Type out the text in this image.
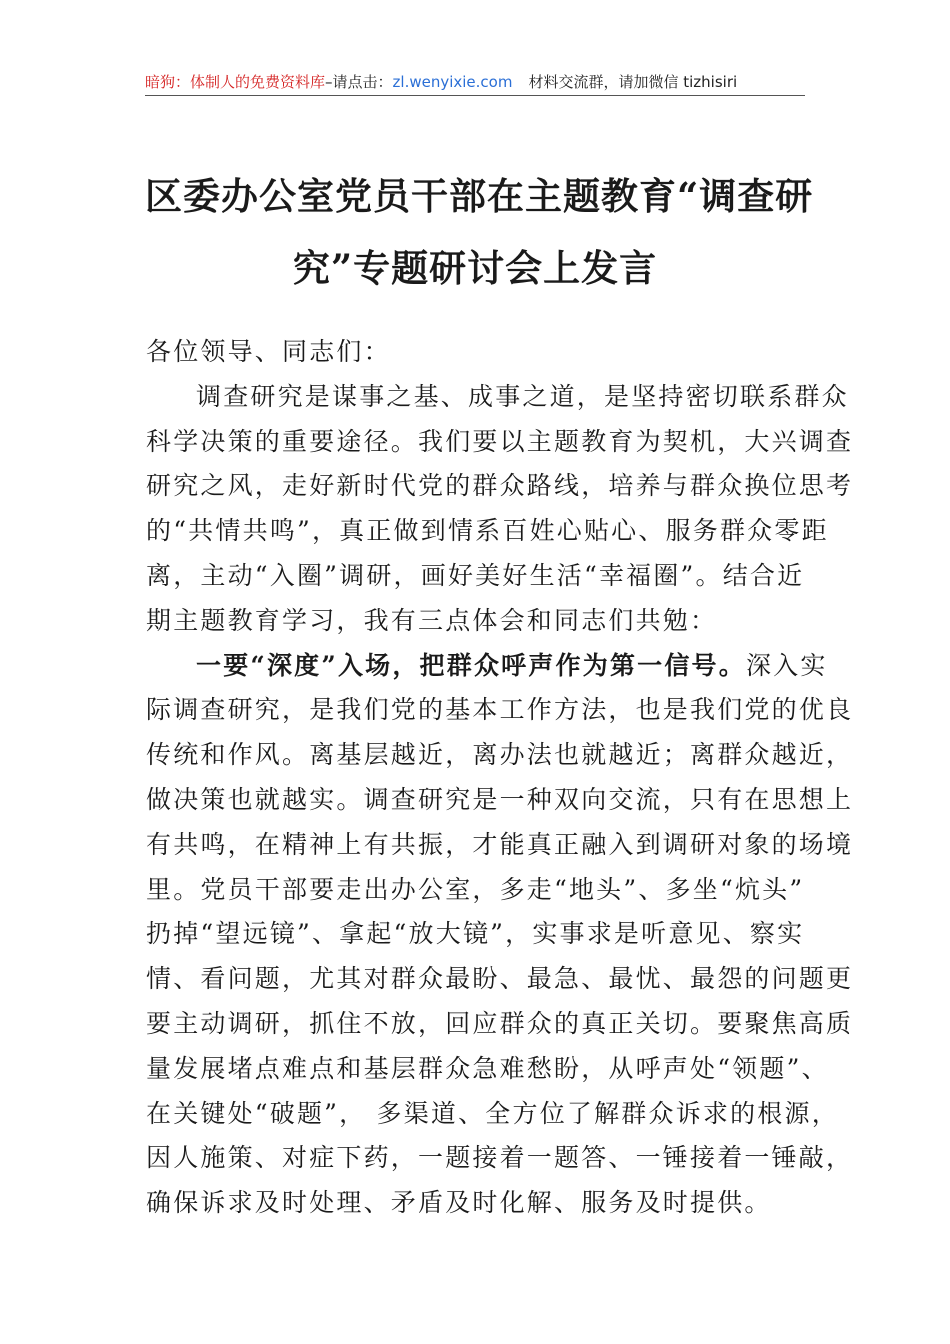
暗狗：体制人的免费资料库–请点击：zl.wenyixie.com 材料交流群，请加微信 tizhisiri
区委办公室党员干部在主题教育“调查研
究”专题研讨会上发言
各位领导、同志们：
调查研究是谋事之基、成事之道，是坚持密切联系群众
科学决策的重要途径。我们要以主题教育为契机，大兴调查
研究之风，走好新时代党的群众路线，培养与群众换位思考
的“共情共鸣”，真正做到情系百姓心贴心、服务群众零距
离，主动“入圈”调研，画好美好生活“幸福圈”。结合近
期主题教育学习，我有三点体会和同志们共勉：
一要“深度”入场，把群众呼声作为第一信号。深入实
际调查研究，是我们党的基本工作方法，也是我们党的优良
传统和作风。离基层越近，离办法也就越近；离群众越近，
做决策也就越实。调查研究是一种双向交流，只有在思想上
有共鸣，在精神上有共振，才能真正融入到调研对象的场境
里。党员干部要走出办公室，多走“地头”、多坐“炕头”
扔掉“望远镜”、拿起“放大镜”，实事求是听意见、察实
情、看问题，尤其对群众最盼、最急、最忧、最怨的问题更
要主动调研，抓住不放，回应群众的真正关切。要聚焦高质
量发展堵点难点和基层群众急难愁盼，从呼声处“领题”、
在关键处“破题”， 多渠道、全方位了解群众诉求的根源，
因人施策、对症下药，一题接着一题答、一锤接着一锤敲，
确保诉求及时处理、矛盾及时化解、服务及时提供。
